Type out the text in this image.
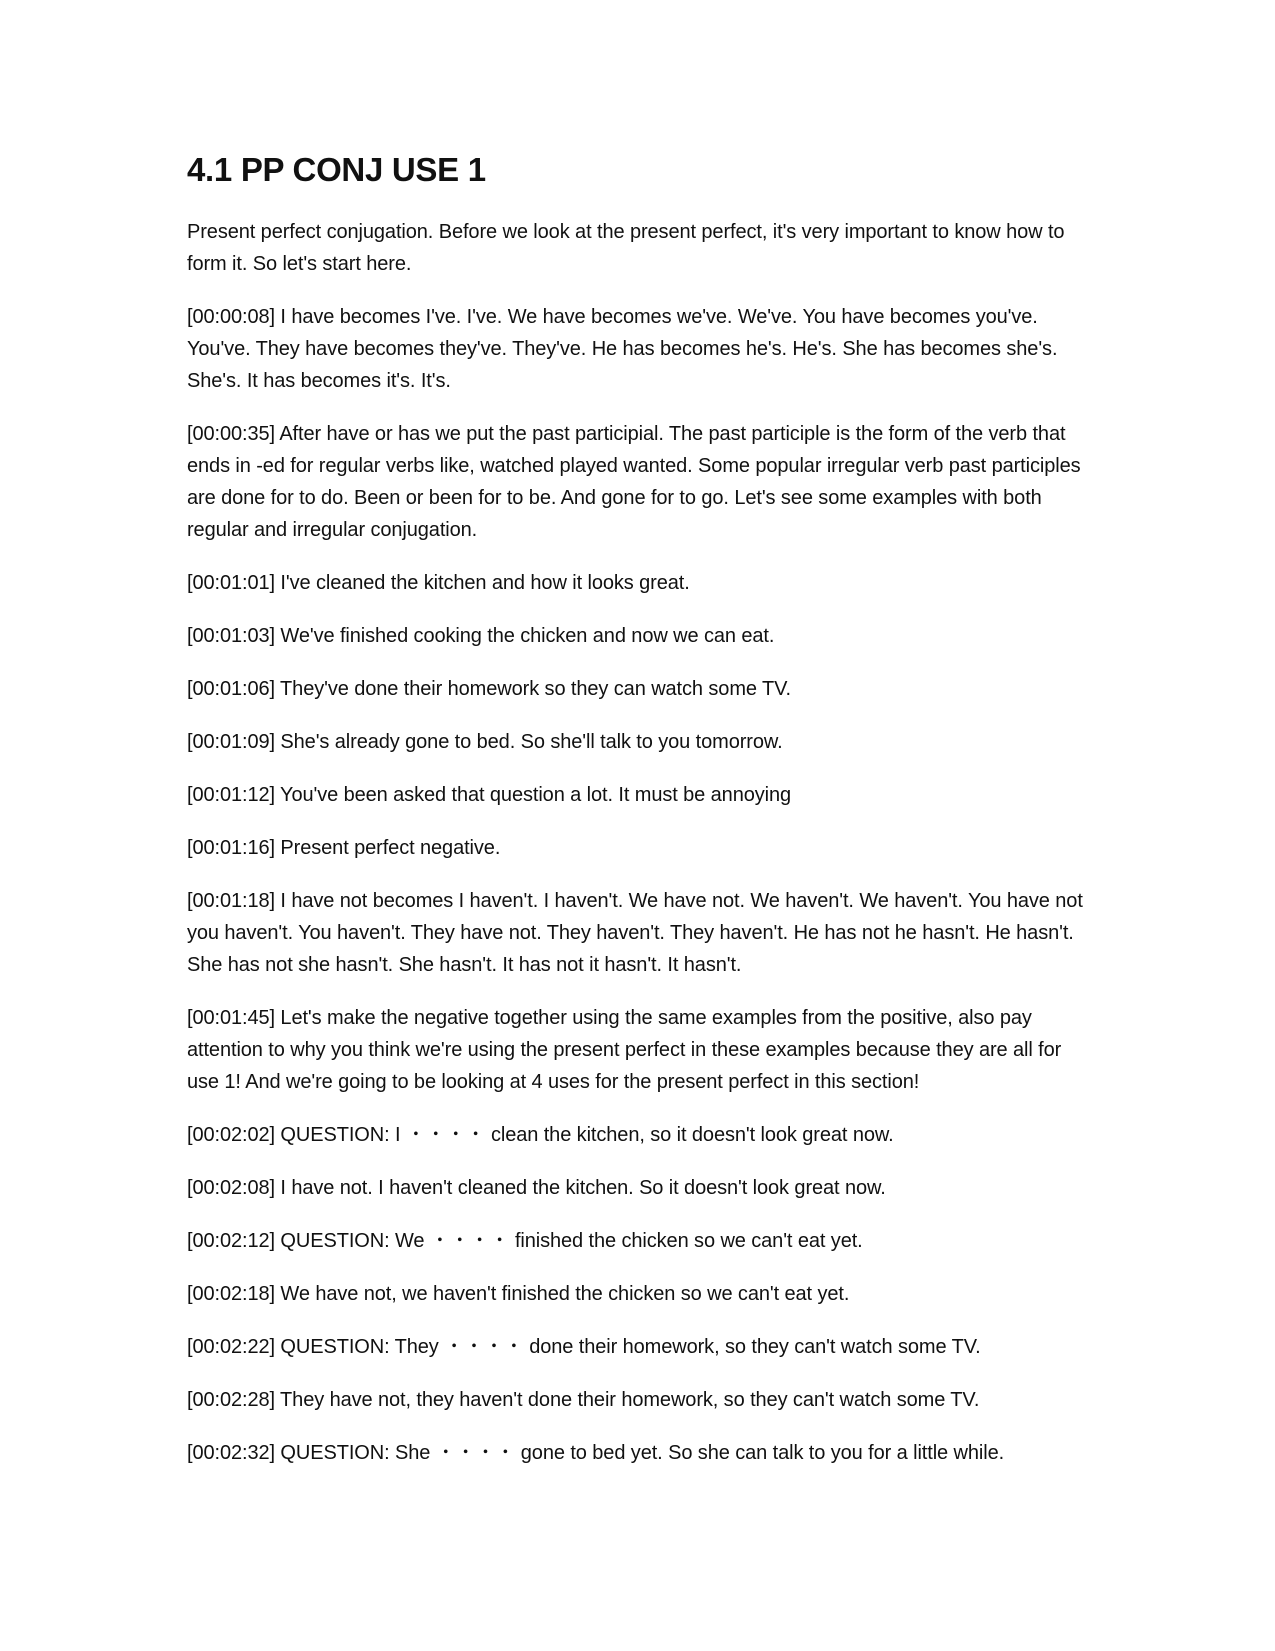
4.1 PP CONJ USE 1

Present perfect conjugation. Before we look at the present perfect, it's very important to know how to form it. So let's start here.

[00:00:08] I have becomes I've. I've. We have becomes we've. We've. You have becomes you've. You've. They have becomes they've. They've. He has becomes he's. He's. She has becomes she's. She's. It has becomes it's. It's.

[00:00:35] After have or has we put the past participial. The past participle is the form of the verb that ends in -ed for regular verbs like, watched played wanted. Some popular irregular verb past participles are done for to do. Been or been for to be. And gone for to go. Let's see some examples with both regular and irregular conjugation.

[00:01:01] I've cleaned the kitchen and how it looks great.

[00:01:03] We've finished cooking the chicken and now we can eat.

[00:01:06] They've done their homework so they can watch some TV.

[00:01:09] She's already gone to bed. So she'll talk to you tomorrow.

[00:01:12] You've been asked that question a lot. It must be annoying

[00:01:16] Present perfect negative.

[00:01:18] I have not becomes I haven't. I haven't. We have not. We haven't. We haven't. You have not you haven't. You haven't. They have not. They haven't. They haven't. He has not he hasn't. He hasn't. She has not she hasn't. She hasn't. It has not it hasn't. It hasn't.

[00:01:45] Let's make the negative together using the same examples from the positive, also pay attention to why you think we're using the present perfect in these examples because they are all for use 1! And we're going to be looking at 4 uses for the present perfect in this section!

[00:02:02] QUESTION: I ・・・・ clean the kitchen, so it doesn't look great now.

[00:02:08] I have not. I haven't cleaned the kitchen. So it doesn't look great now.

[00:02:12] QUESTION: We ・・・・ finished the chicken so we can't eat yet.

[00:02:18] We have not, we haven't finished the chicken so we can't eat yet.

[00:02:22] QUESTION: They ・・・・ done their homework, so they can't watch some TV.

[00:02:28] They have not, they haven't done their homework, so they can't watch some TV.

[00:02:32] QUESTION: She ・・・・ gone to bed yet. So she can talk to you for a little while.
